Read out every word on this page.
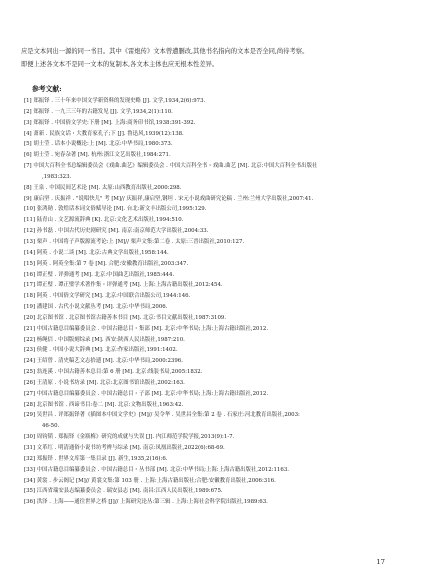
应是文本同出一源的同一书目。其中《雷炮传》文本曾遭删改,其他书名指向的文本是否全同,尚待考察。

即便上述各文本不是同一文本的复制本,各文本主体也应无根本性差异。

参考文献:
[1] 郑振铎 . 三十年来中国文学新资料的发现史略 [J]. 文学,1934,2(6):973.
[2] 郑振铎 . 一九三三年的古籍发见 [J]. 文学,1934,2(1):110.
[3] 郑振铎 . 中国俗文学史:下册 [M]. 上海:商务印书馆,1938:391-392.
[4] 萧新 . 民族文话・大教育家孔子;下 [J]. 鲁迅风,1939(12):138.
[5] 胡士莹 . 话本小说概论:上 [M]. 北京:中华书局,1980:373.
[6] 胡士莹 . 宛春杂著 [M]. 杭州:浙江文艺出版社,1984:271.
[7] 中国大百科全书总编辑委员会《戏曲.曲艺》编辑委员会 . 中国大百科全书・戏曲.曲艺 [M]. 北京:中国大百科全书出版社
,1983:323.
[8] 王泉 . 中国民间艺术论 [M]. 太原:山西教育出版社,2000:298.
[9] 康启坚 . 庆振祥 . "说唱快儿" 考 [M]// 庆振祥,康启坚,钢坦 . 宋元小说戏曲研究论稿 . 兰州:兰州大学出版社,2007:41.
[10] 张鸿勋 . 敦煌话本词文俗赋导论 [M]. 台北:新文丰出版公司,1995:129.
[11] 陆青山 . 文艺源流辞典 [K]. 北京:文化艺术出版社,1994:510.
[12] 孙书磊 . 中国古代历史剧研究 [M]. 南京:南京师范大学出版社,2004:33.
[13] 栗声 . 中国将子声版源流考论:上 [M]// 栗声文集:第二卷 . 太原:三晋出版社,2010:127.
[14] 阿英 . 小说二谈 [M]. 北京:古典文学出版社,1958:144.
[15] 阿英 . 阿英全集:第 7 卷 [M]. 合肥:安徽教育出版社,2003:347.
[16] 谭正璧 . 评弹通考 [M]. 北京:中国曲艺出版社,1985:444.
[17] 谭正璧 . 谭正璧学术著作集・评弹通考 [M]. 上海:上海古籍出版社,2012:454.
[18] 阿英 . 中国俗文学研究 [M]. 北京:中国联合出版公司,1944:146.
[19] 潘建国 . 古代小说文献丛考 [M]. 北京:中华书局,2006.
[20] 北京图书馆 . 北京图书馆古籍善本书目 [M]. 北京:书目文献出版社,1987:3109.
[21] 中国古籍总目编纂委员会 . 中国古籍总目・集部 [M]. 北京:中华书局;上海:上海古籍出版社,2012.
[22] 杨绳信 . 中国版刻综录 [M]. 西安:陕西人民出版社,1987:210.
[23] 侯健 . 中国小说大辞典 [M]. 北京:作家出版社,1991:1402.
[24] 王绍曾 . 清史稿艺文志拾遗 [M]. 北京:中华书局,2000:2396.
[25] 翁连溪 . 中国古籍善本总目:第 6 册 [M]. 北京:线装书局,2005:1832.
[26] 王清原 . 小说书坊录 [M]. 北京:北京图书馆出版社,2002:163.
[27] 中国古籍总目编纂委员会 . 中国古籍总目・子部 [M]. 北京:中华书局;上海:上海古籍出版社,2012.
[28] 北京图书馆 . 西谛书目:卷二 [M]. 北京:文物出版社,1963:42.
[29] 吴世昌 . 评郑振铎著《插图本中国文学史》[M]// 吴令华 . 吴世昌全集:第 2 卷 . 石家庄:河北教育出版社,2003:
46-50.
[30] 周钧韬 . 郑振铎《金瓶梅》研究的成就与失误 [J]. 内江师范学院学报,2013(9):1-7.
[31] 文革红 . 明清通俗小说书坊考辨与综录 [M]. 南京:凤凰出版社,2022(6):68-69.
[32] 郑振铎 . 世界文库第一集目录 [J]. 新生,1935,2(16):6.
[33] 中国古籍总目编纂委员会 . 中国古籍总目・丛书部 [M]. 北京:中华书局;上海:上海古籍出版社,2012:1163.
[34] 黄裳 . 步云阁记 [M]// 黄裳文集:第 103 册 . 上海:上海古籍出版社;合肥:安徽教育出版社,2006:316.
[35] 江西省瑞安县志编纂委员会 . 瑞安县志 [M]. 南昌:江西人民出版社,1989:675.
[36] 洪泽 . 上海——通往世界之桥 [J]// 上海研究论丛:第三辑 . 上海:上海社会科学院出版社,1989:63.
17
